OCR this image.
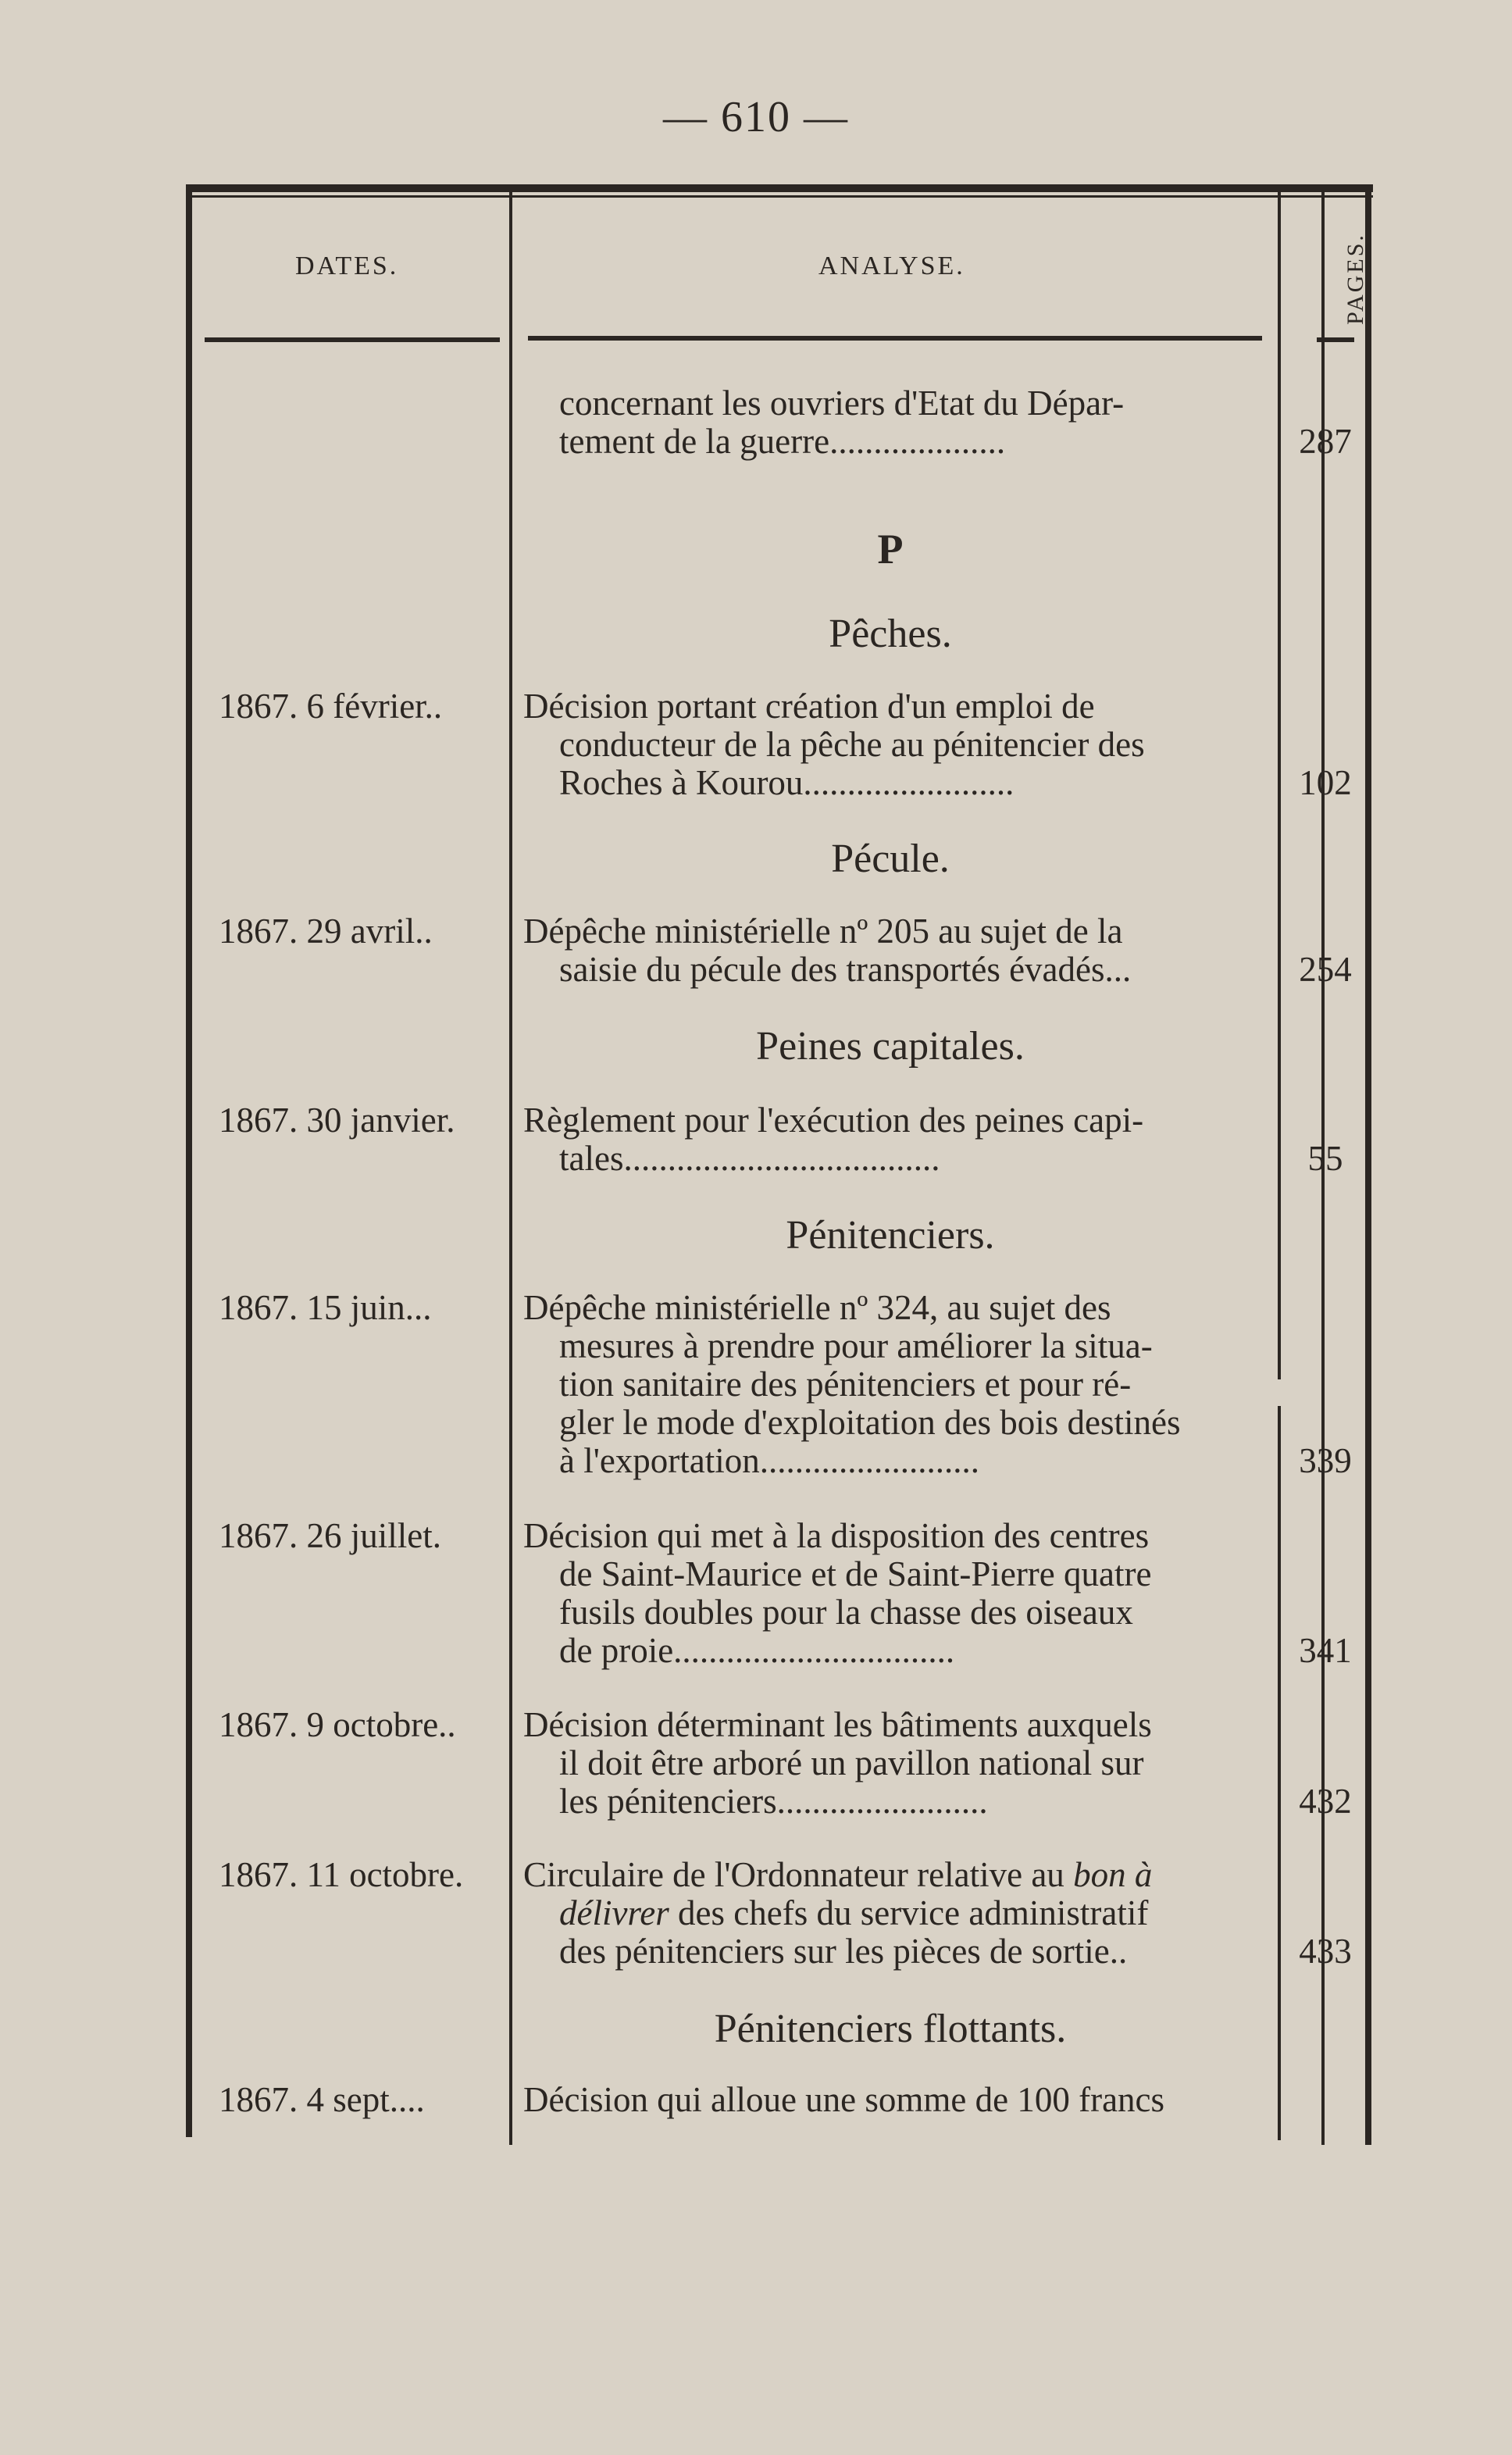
— 610 —
DATES.	ANALYSE.	PAGES.
concernant les ouvriers d'Etat du Dépar-
tement de la guerre....................	287
P
Pêches.
1867. 6 février..	Décision portant création d'un emploi de
conducteur de la pêche au pénitencier des
Roches à Kourou........................	102
Pécule.
1867. 29 avril..	Dépêche ministérielle nº 205 au sujet de la
saisie du pécule des transportés évadés...	254
Peines capitales.
1867. 30 janvier.	Règlement pour l'exécution des peines capi-
tales....................................	55
Pénitenciers.
1867. 15 juin...	Dépêche ministérielle nº 324, au sujet des
mesures à prendre pour améliorer la situa-
tion sanitaire des pénitenciers et pour ré-
gler le mode d'exploitation des bois destinés
à l'exportation.........................	339
1867. 26 juillet.	Décision qui met à la disposition des centres
de Saint-Maurice et de Saint-Pierre quatre
fusils doubles pour la chasse des oiseaux
de proie................................	341
1867. 9 octobre..	Décision déterminant les bâtiments auxquels
il doit être arboré un pavillon national sur
les pénitenciers........................	432
1867. 11 octobre.	Circulaire de l'Ordonnateur relative au bon à
délivrer des chefs du service administratif
des pénitenciers sur les pièces de sortie..	433
Pénitenciers flottants.
1867. 4 sept....	Décision qui alloue une somme de 100 francs
